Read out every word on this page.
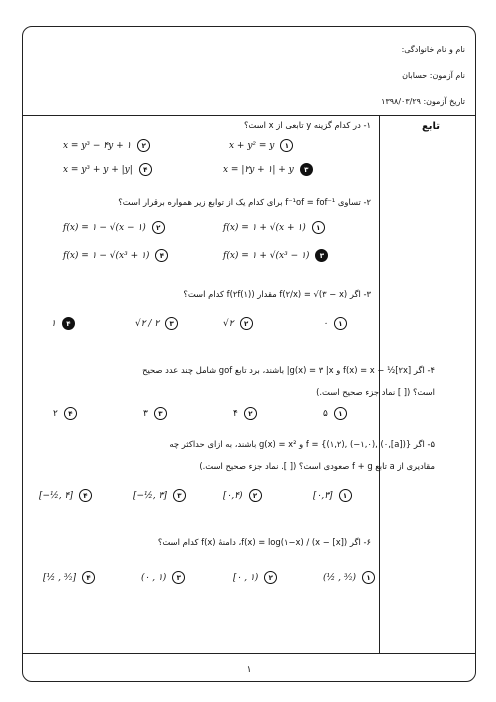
نام و نام خانوادگی:
نام آزمون: حسابان
تاریخ آزمون: ۱۳۹۸/۰۳/۲۹
تابع
۱- در کدام گزینه y تابعی از x است؟
x + y² = y	۱
x = y³ − ۴y + ۱	۲
x = |۲y + ۱| + y	۳
x = y³ + y + |y|	۴
۲- تساوی f⁻¹of = fof⁻¹ برای کدام یک از توابع زیر همواره برقرار است؟
f(x) = ۱ + √(x + ۱)	۱
f(x) = ۱ − √(x − ۱)	۲
f(x) = ۱ + √(x³ − ۱)	۳
f(x) = ۱ − √(x³ + ۱)	۴
۳- اگر f(۲/x) = √(۳ − x) مقدار f(۲f(۱)) کدام است؟
۰	۱
√۲	۲
√۲ / ۲	۳
۱	۴
۴- اگر f(x) = x − ½[۲x] و g(x) = ۳ |x| باشند، برد تابع gof شامل چند عدد صحیح
است؟ ([ ] نماد جزء صحیح است.)
۵	۱
۴	۲
۳	۳
۲	۴
۵- اگر f = {(۱,۲), (−۱,۰), (۰,[a])} و g(x) = x² باشند، به ازای حداکثر چه
مقادیری از a تابع f + g صعودی است؟ ([ ]. نماد جزء صحیح است.)
[۰,۳]	۱
[۰,۴)	۲
[−½, ۳]	۳
[−½, ۴]	۴
۶- اگر f(x) = log(۱−x) / (x − [x])، دامنهٔ f(x) کدام است؟
(½ , ³⁄₂)	۱
[۰ , ۱)	۲
(۰ , ۱)	۳
[½ , ³⁄₂]	۴
۱
